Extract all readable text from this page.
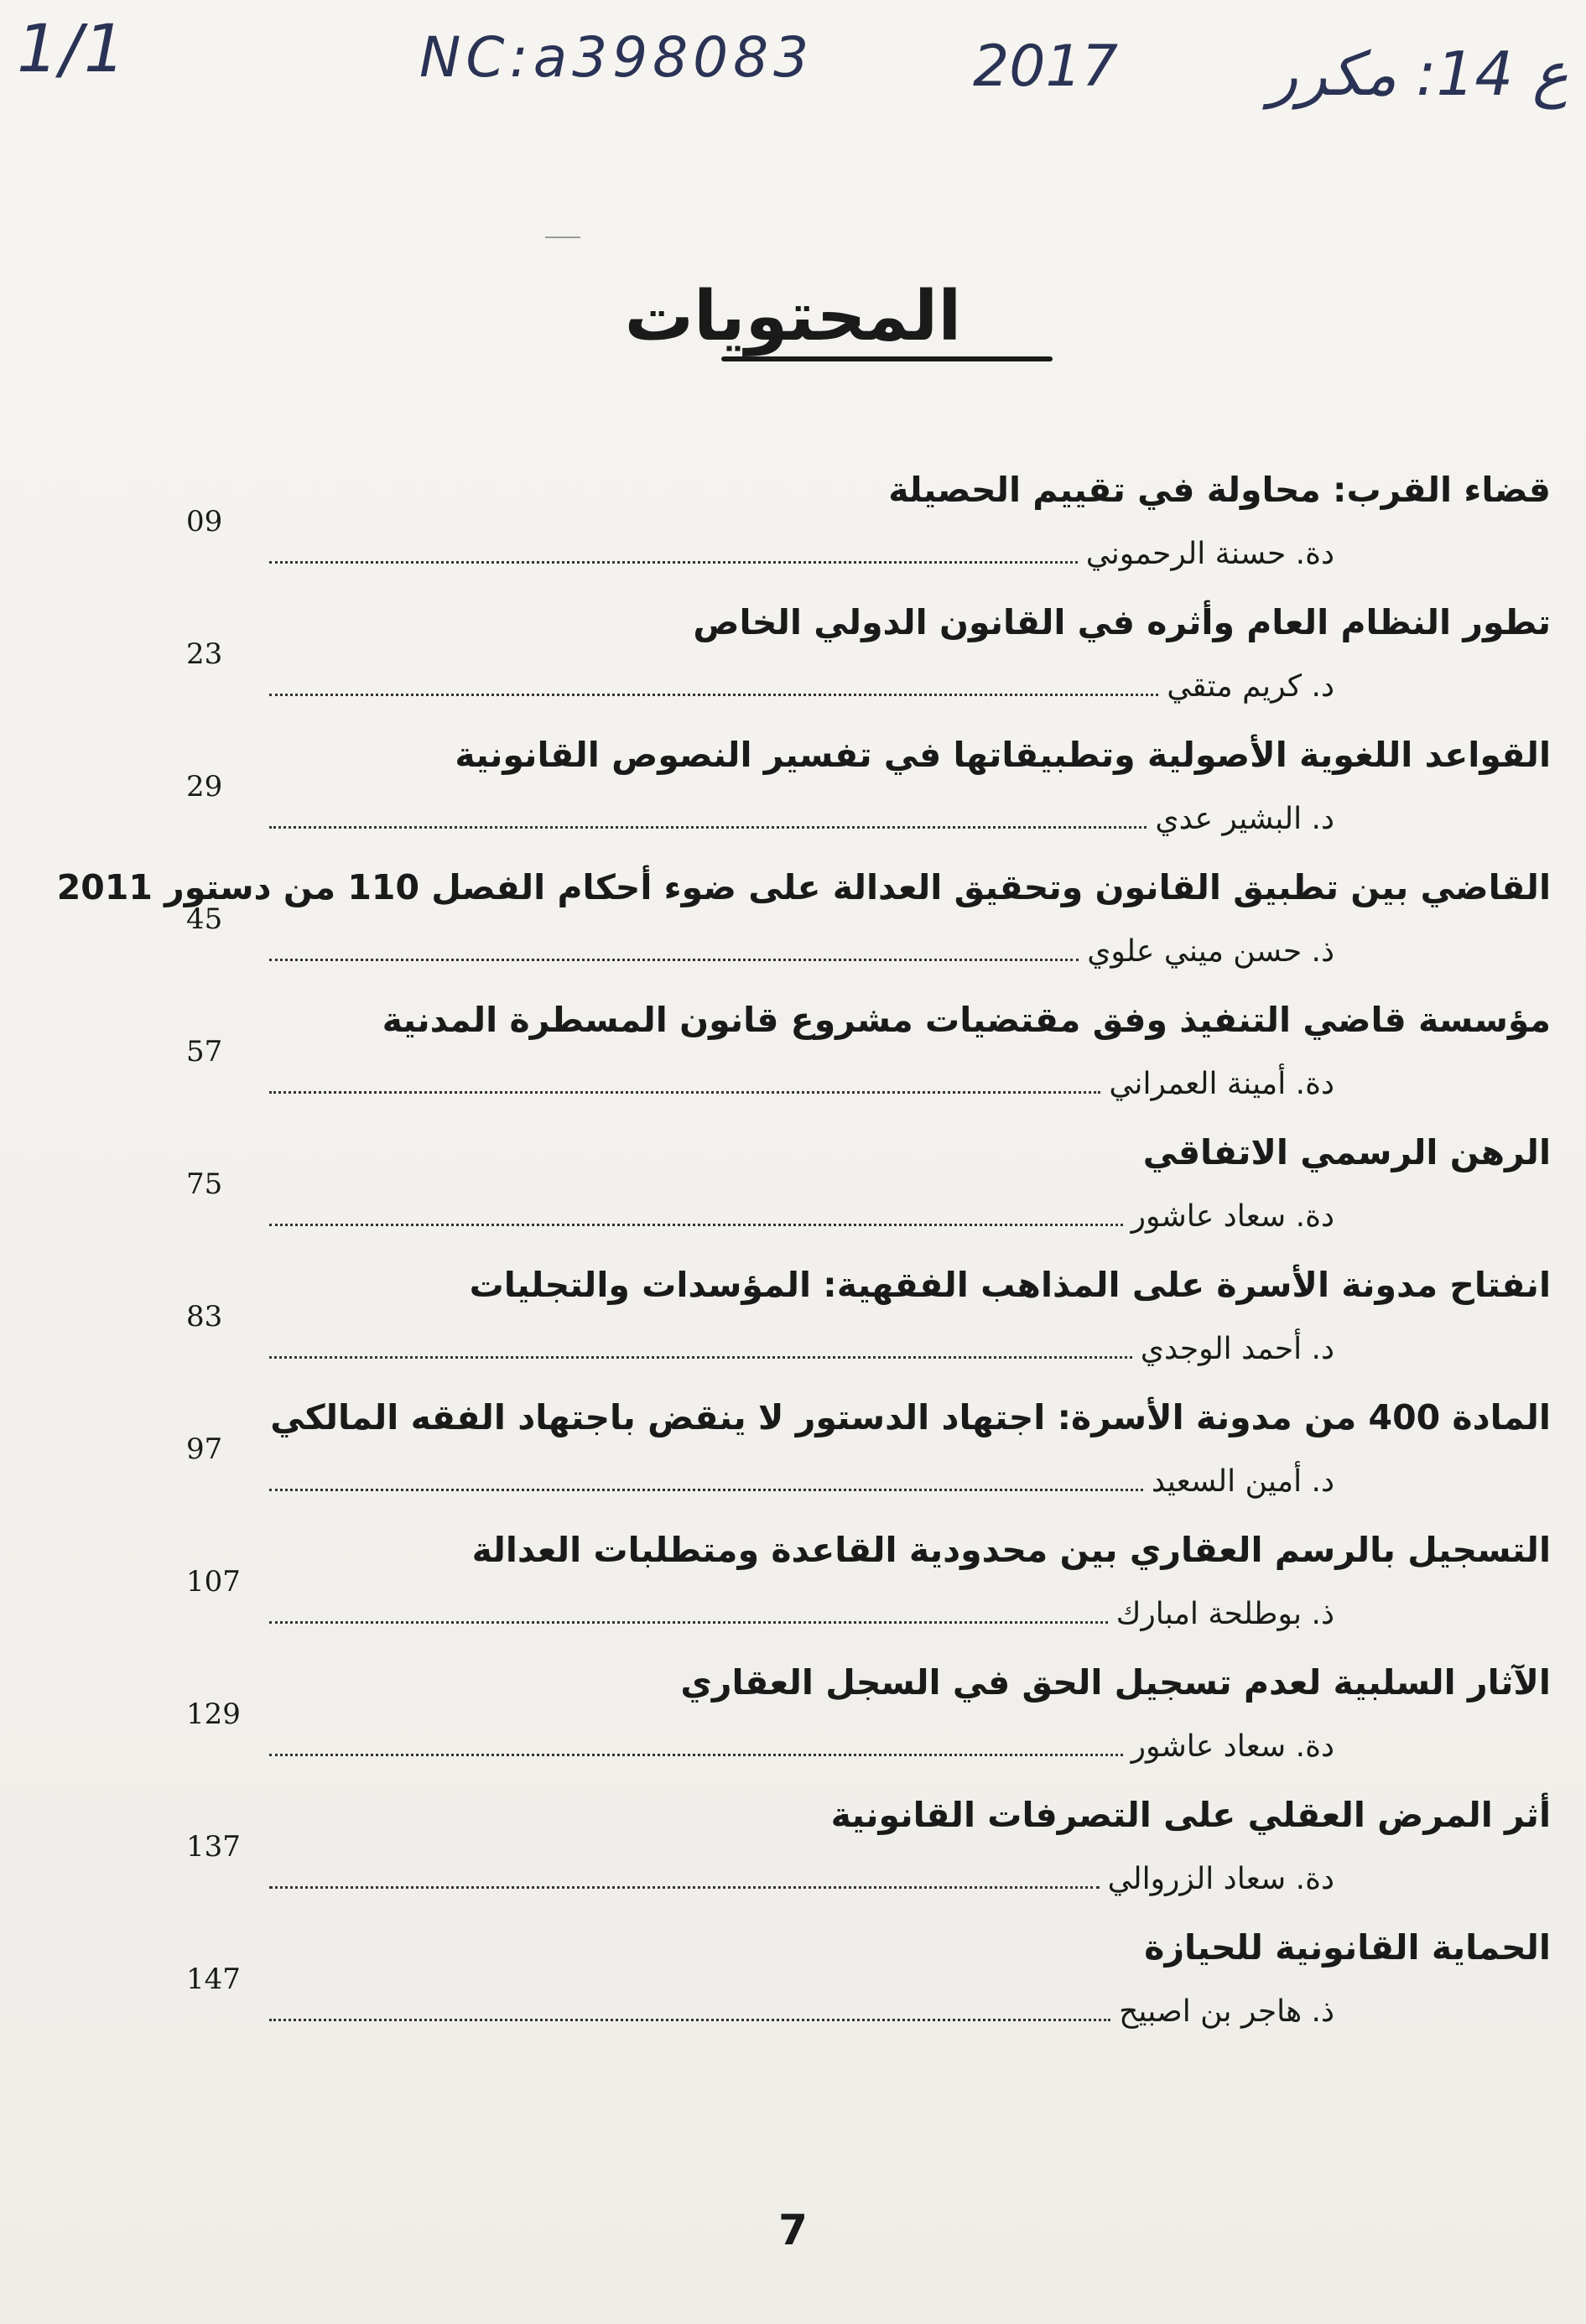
1/1	NC:a398083	2017 ع 14: مكرر
المحتويات
قضاء القرب: محاولة في تقييم الحصيلة
09
دة. حسنة الرحموني
تطور النظام العام وأثره في القانون الدولي الخاص
23
د. كريم متقي
القواعد اللغوية الأصولية وتطبيقاتها في تفسير النصوص القانونية
29
د. البشير عدي
القاضي بين تطبيق القانون وتحقيق العدالة على ضوء أحكام الفصل 110 من دستور 2011
45
ذ. حسن ميني علوي
مؤسسة قاضي التنفيذ وفق مقتضيات مشروع قانون المسطرة المدنية
57
دة. أمينة العمراني
الرهن الرسمي الاتفاقي
75
دة. سعاد عاشور
انفتاح مدونة الأسرة على المذاهب الفقهية: المؤسدات والتجليات
83
د. أحمد الوجدي
المادة 400 من مدونة الأسرة: اجتهاد الدستور لا ينقض باجتهاد الفقه المالكي
97
د. أمين السعيد
التسجيل بالرسم العقاري بين محدودية القاعدة ومتطلبات العدالة
107
ذ. بوطلحة امبارك
الآثار السلبية لعدم تسجيل الحق في السجل العقاري
129
دة. سعاد عاشور
أثر المرض العقلي على التصرفات القانونية
137
دة. سعاد الزروالي
الحماية القانونية للحيازة
147
ذ. هاجر بن اصبيح
7
